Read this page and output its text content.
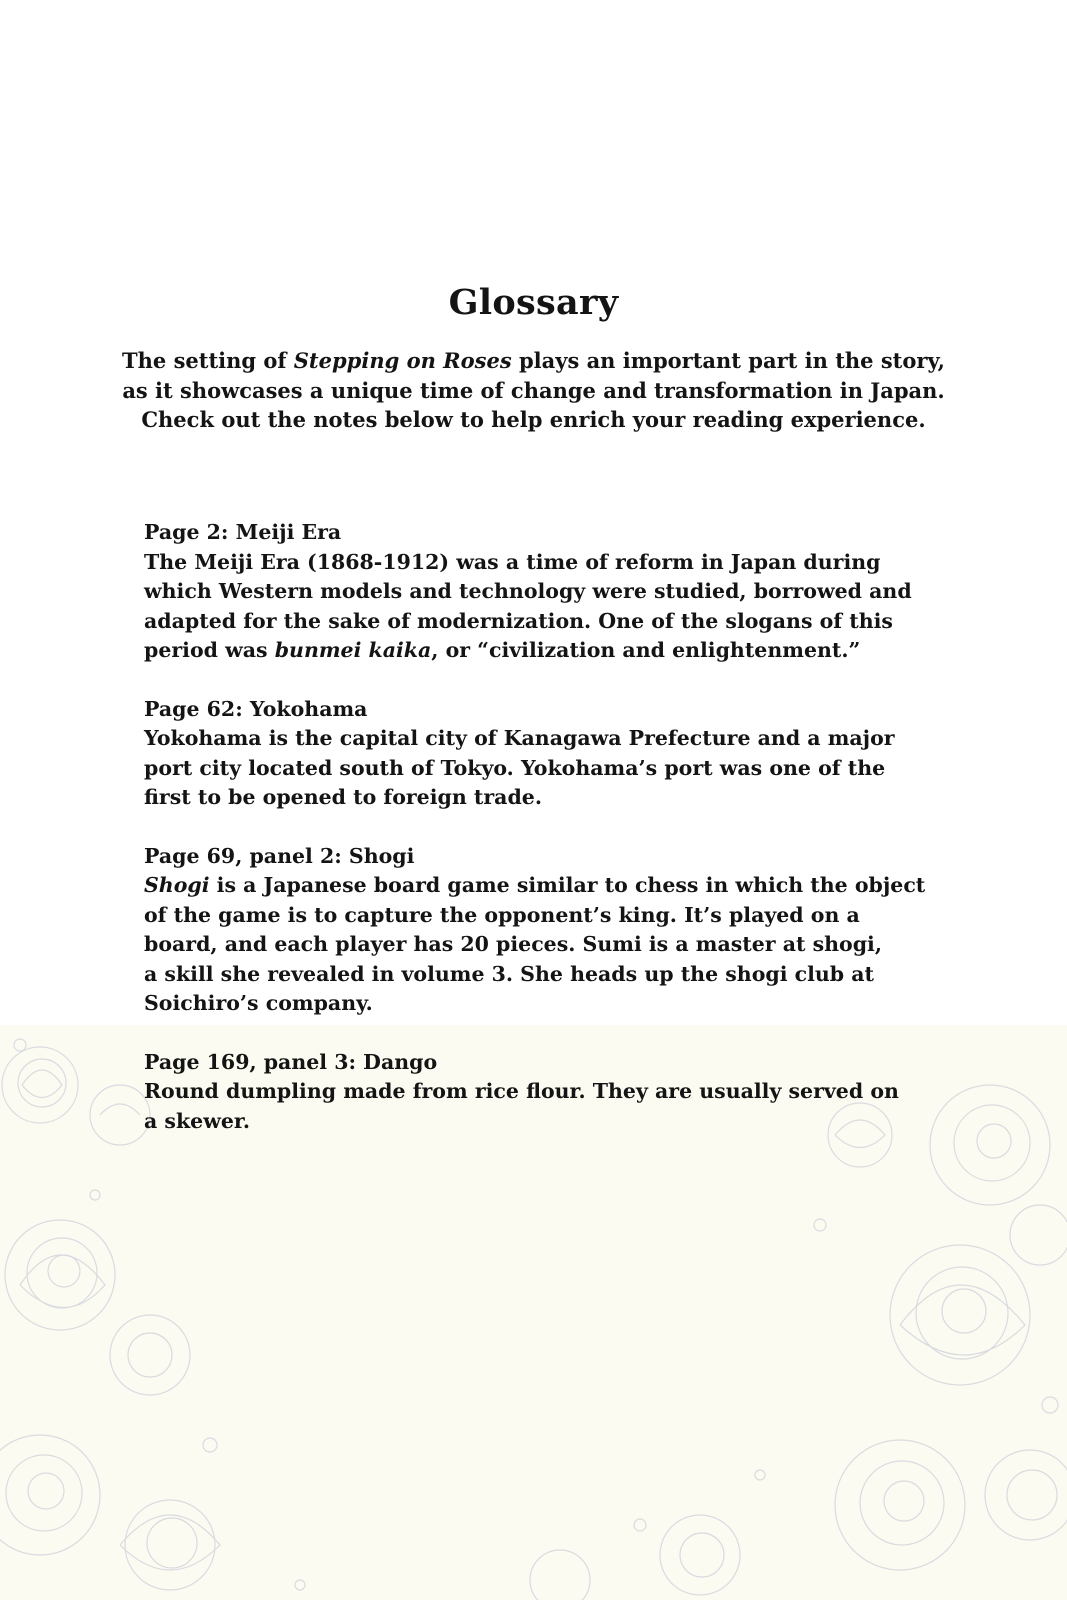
Glossary

The setting of Stepping on Roses plays an important part in the story, as it showcases a unique time of change and transformation in Japan. Check out the notes below to help enrich your reading experience.

Page 2: Meiji Era

The Meiji Era (1868-1912) was a time of reform in Japan during

which Western models and technology were studied, borrowed and

adapted for the sake of modernization. One of the slogans of this

period was bunmei kaika, or “civilization and enlightenment.”

Page 62: Yokohama

Yokohama is the capital city of Kanagawa Prefecture and a major

port city located south of Tokyo. Yokohama’s port was one of the

first to be opened to foreign trade.

Page 69, panel 2: Shogi

Shogi is a Japanese board game similar to chess in which the object

of the game is to capture the opponent’s king. It’s played on a

board, and each player has 20 pieces. Sumi is a master at shogi,

a skill she revealed in volume 3. She heads up the shogi club at

Soichiro’s company.

Page 169, panel 3: Dango

Round dumpling made from rice flour. They are usually served on

a skewer.
